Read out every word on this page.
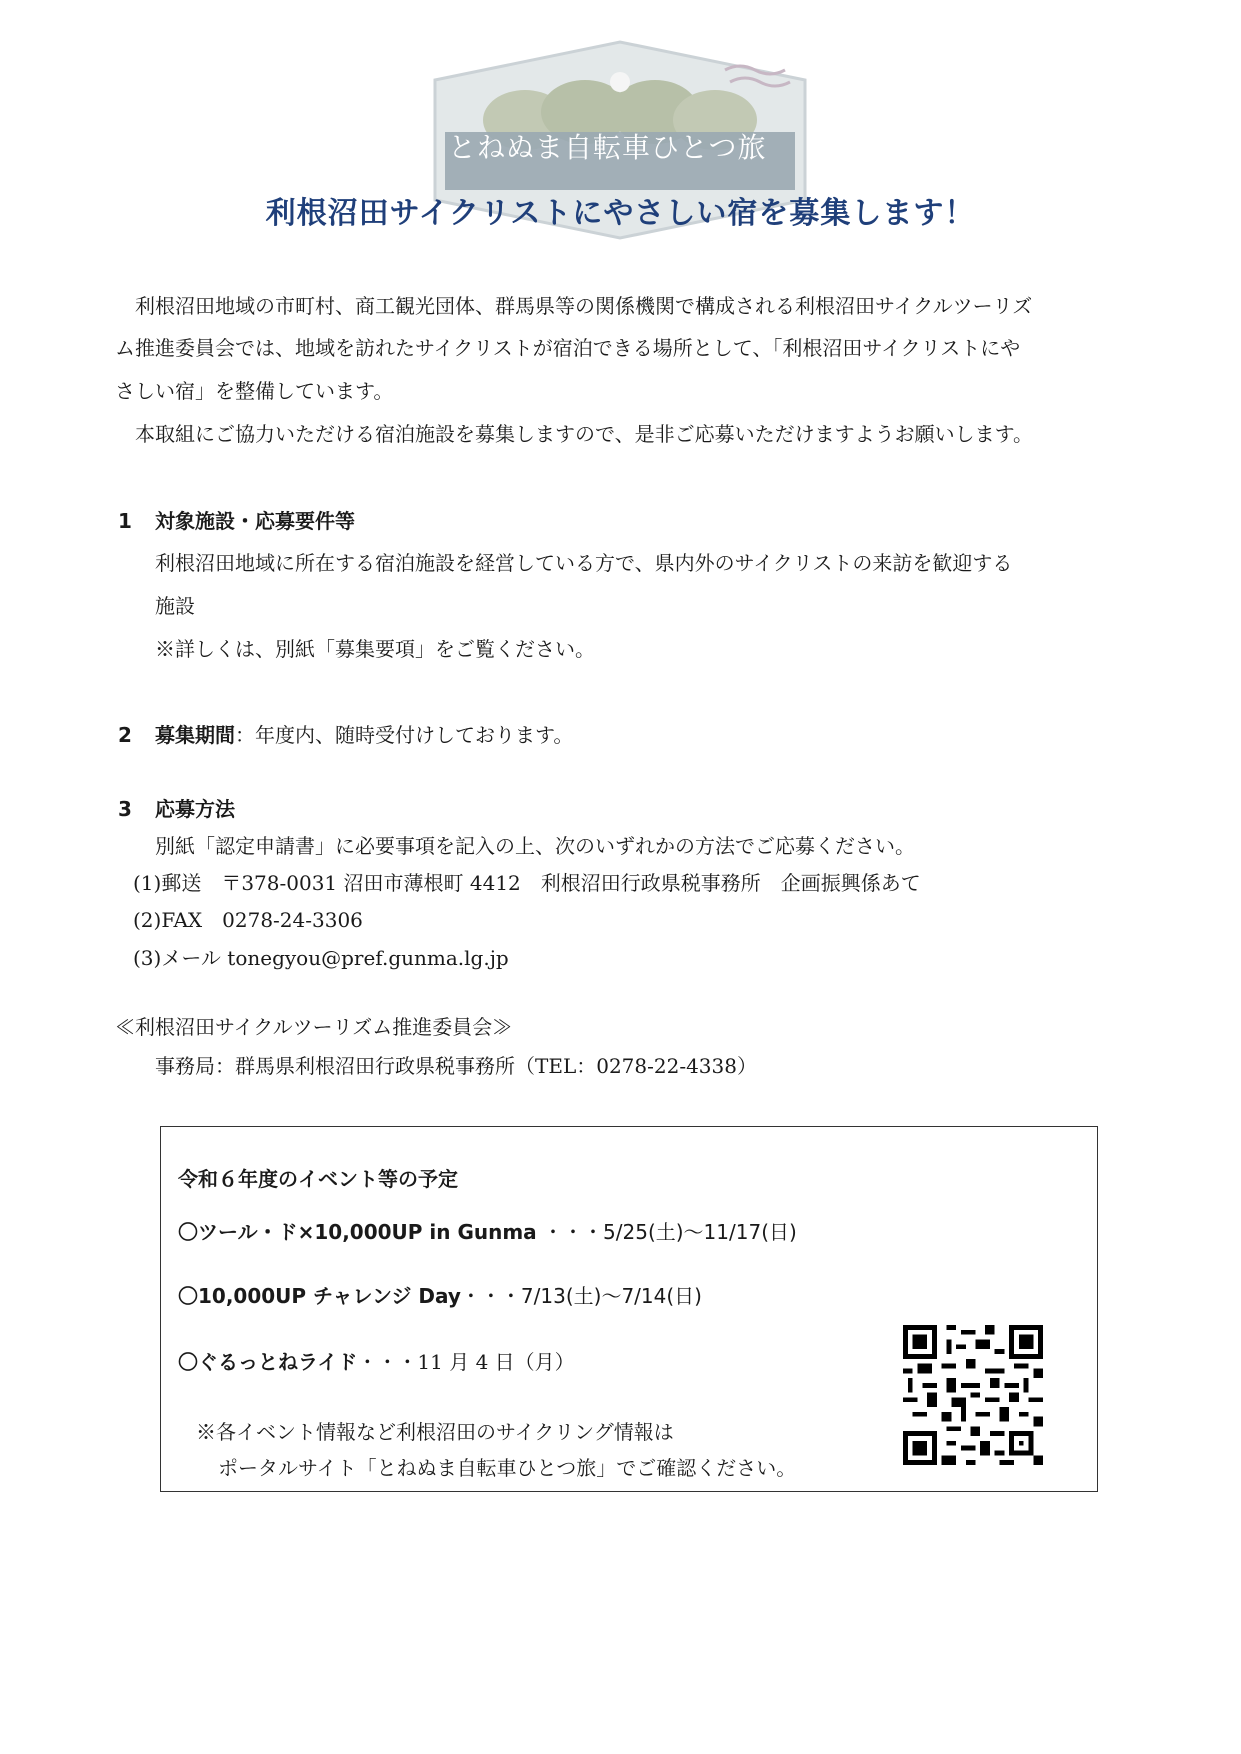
とねぬま自転車ひとつ旅
利根沼田サイクリストにやさしい宿を募集します！
利根沼田地域の市町村、商工観光団体、群馬県等の関係機関で構成される利根沼田サイクルツーリズ
ム推進委員会では、地域を訪れたサイクリストが宿泊できる場所として、「利根沼田サイクリストにや
さしい宿」を整備しています。
本取組にご協力いただける宿泊施設を募集しますので、是非ご応募いただけますようお願いします。
1 対象施設・応募要件等
利根沼田地域に所在する宿泊施設を経営している方で、県内外のサイクリストの来訪を歓迎する
施設
※詳しくは、別紙「募集要項」をご覧ください。
2 募集期間：年度内、随時受付けしております。
3 応募方法
別紙「認定申請書」に必要事項を記入の上、次のいずれかの方法でご応募ください。
(1)郵送　〒378-0031 沼田市薄根町 4412　利根沼田行政県税事務所　企画振興係あて
(2)FAX　0278-24-3306
(3)メール tonegyou@pref.gunma.lg.jp
≪利根沼田サイクルツーリズム推進委員会≫
事務局：群馬県利根沼田行政県税事務所（TEL：0278-22-4338）
令和６年度のイベント等の予定
〇ツール・ド×10,000UP in Gunma ・・・5/25(土)～11/17(日)
〇10,000UP チャレンジ Day・・・7/13(土)～7/14(日)
〇ぐるっとねライド・・・11 月 4 日（月）
※各イベント情報など利根沼田のサイクリング情報は
ポータルサイト「とねぬま自転車ひとつ旅」でご確認ください。
